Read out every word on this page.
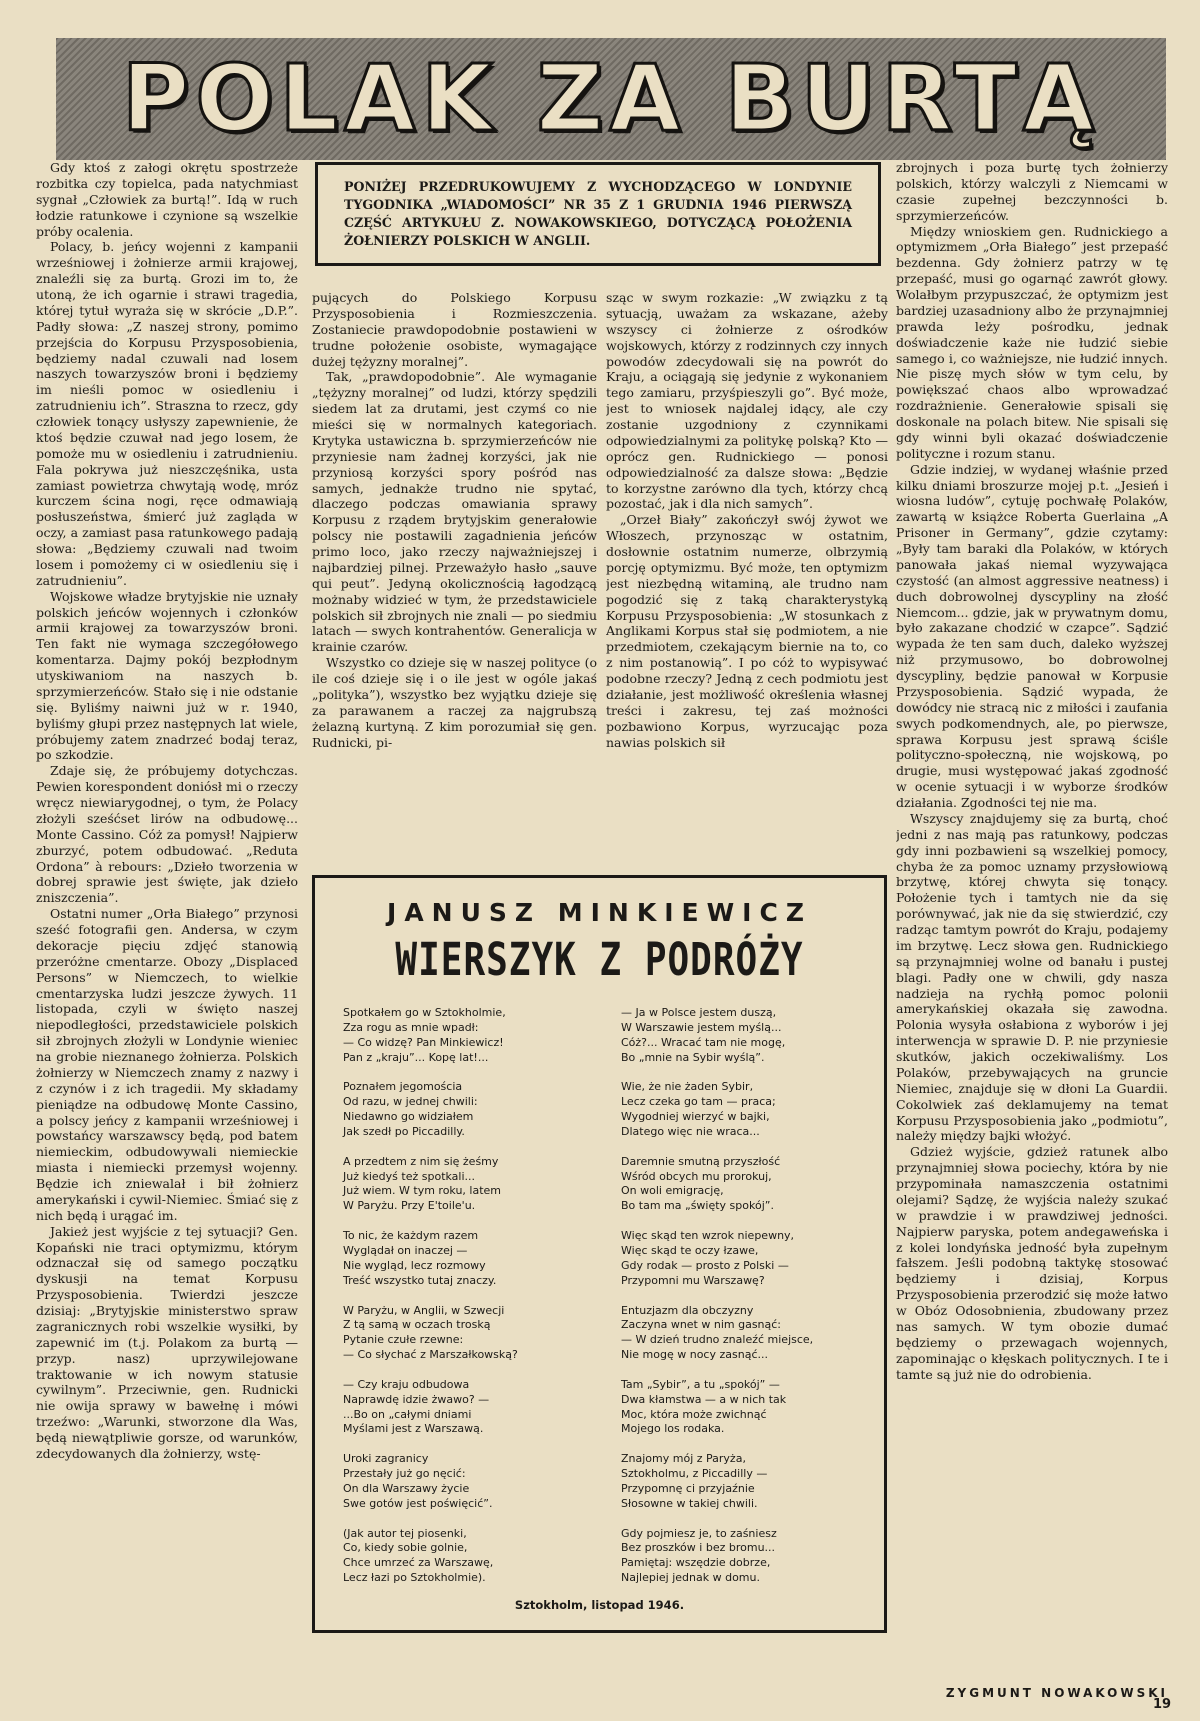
POLAK ZA BURTĄ

Gdy ktoś z załogi okrętu spostrzeże rozbitka czy topielca, pada natychmiast sygnał „Człowiek za burtą!”. Idą w ruch łodzie ratunkowe i czynione są wszelkie próby ocalenia.

Polacy, b. jeńcy wojenni z kampanii wrześniowej i żołnierze armii krajowej, znaleźli się za burtą. Grozi im to, że utoną, że ich ogarnie i strawi tragedia, której tytuł wyraża się w skrócie „D.P.”. Padły słowa: „Z naszej strony, pomimo przejścia do Korpusu Przysposobienia, będziemy nadal czuwali nad losem naszych towarzyszów broni i będziemy im nieśli pomoc w osiedleniu i zatrudnieniu ich”. Straszna to rzecz, gdy człowiek tonący usłyszy zapewnienie, że ktoś będzie czuwał nad jego losem, że pomoże mu w osiedleniu i zatrudnieniu. Fala pokrywa już nieszczęśnika, usta zamiast powietrza chwytają wodę, mróz kurczem ścina nogi, ręce odmawiają posłuszeństwa, śmierć już zagląda w oczy, a zamiast pasa ratunkowego padają słowa: „Będziemy czuwali nad twoim losem i pomożemy ci w osiedleniu się i zatrudnieniu”.

Wojskowe władze brytyjskie nie uznały polskich jeńców wojennych i członków armii krajowej za towarzyszów broni. Ten fakt nie wymaga szczegółowego komentarza. Dajmy pokój bezpłodnym utyskiwaniom na naszych b. sprzymierzeńców. Stało się i nie odstanie się. Byliśmy naiwni już w r. 1940, byliśmy głupi przez następnych lat wiele, próbujemy zatem znadrzeć bodaj teraz, po szkodzie.

Zdaje się, że próbujemy dotychczas. Pewien korespondent doniósł mi o rzeczy wręcz niewiarygodnej, o tym, że Polacy złożyli sześćset lirów na odbudowę... Monte Cassino. Cóż za pomysł! Najpierw zburzyć, potem odbudować. „Reduta Ordona” à rebours: „Dzieło tworzenia w dobrej sprawie jest święte, jak dzieło zniszczenia”.

Ostatni numer „Orła Białego” przynosi sześć fotografii gen. Andersa, w czym dekoracje pięciu zdjęć stanowią przeróżne cmentarze. Obozy „Displaced Persons” w Niemczech, to wielkie cmentarzyska ludzi jeszcze żywych. 11 listopada, czyli w święto naszej niepodległości, przedstawiciele polskich sił zbrojnych złożyli w Londynie wieniec na grobie nieznanego żołnierza. Polskich żołnierzy w Niemczech znamy z nazwy i z czynów i z ich tragedii. My składamy pieniądze na odbudowę Monte Cassino, a polscy jeńcy z kampanii wrześniowej i powstańcy warszawscy będą, pod batem niemieckim, odbudowywali niemieckie miasta i niemiecki przemysł wojenny. Będzie ich zniewalał i bił żołnierz amerykański i cywil-Niemiec. Śmiać się z nich będą i urągać im.

Jakież jest wyjście z tej sytuacji? Gen. Kopański nie traci optymizmu, którym odznaczał się od samego początku dyskusji na temat Korpusu Przysposobienia. Twierdzi jeszcze dzisiaj: „Brytyjskie ministerstwo spraw zagranicznych robi wszelkie wysiłki, by zapewnić im (t.j. Polakom za burtą — przyp. nasz) uprzywilejowane traktowanie w ich nowym statusie cywilnym”. Przeciwnie, gen. Rudnicki nie owija sprawy w bawełnę i mówi trzeźwo: „Warunki, stworzone dla Was, będą niewątpliwie gorsze, od warunków, zdecydowanych dla żołnierzy, wstę-

PONIŻEJ PRZEDRUKOWUJEMY Z WYCHODZĄCEGO W LONDYNIE TYGODNIKA „WIADOMOŚCI” NR 35 Z 1 GRUDNIA 1946 PIERWSZĄ CZĘŚĆ ARTYKUŁU Z. NOWAKOWSKIEGO, DOTYCZĄCĄ POŁOŻENIA ŻOŁNIERZY POLSKICH W ANGLII.

pujących do Polskiego Korpusu Przysposobienia i Rozmieszczenia. Zostaniecie prawdopodobnie postawieni w trudne położenie osobiste, wymagające dużej tężyzny moralnej”.

Tak, „prawdopodobnie”. Ale wymaganie „tężyzny moralnej” od ludzi, którzy spędzili siedem lat za drutami, jest czymś co nie mieści się w normalnych kategoriach. Krytyka ustawiczna b. sprzymierzeńców nie przyniesie nam żadnej korzyści, jak nie przyniosą korzyści spory pośród nas samych, jednakże trudno nie spytać, dlaczego podczas omawiania sprawy Korpusu z rządem brytyjskim generałowie polscy nie postawili zagadnienia jeńców primo loco, jako rzeczy najważniejszej i najbardziej pilnej. Przeważyło hasło „sauve qui peut”. Jedyną okolicznością łagodzącą możnaby widzieć w tym, że przedstawiciele polskich sił zbrojnych nie znali — po siedmiu latach — swych kontrahentów. Generalicja w krainie czarów.

Wszystko co dzieje się w naszej polityce (o ile coś dzieje się i o ile jest w ogóle jakaś „polityka”), wszystko bez wyjątku dzieje się za parawanem a raczej za najgrubszą żelazną kurtyną. Z kim porozumiał się gen. Rudnicki, pi-

sząc w swym rozkazie: „W związku z tą sytuacją, uważam za wskazane, ażeby wszyscy ci żołnierze z ośrodków wojskowych, którzy z rodzinnych czy innych powodów zdecydowali się na powrót do Kraju, a ociągają się jedynie z wykonaniem tego zamiaru, przyśpieszyli go”. Być może, jest to wniosek najdalej idący, ale czy zostanie uzgodniony z czynnikami odpowiedzialnymi za politykę polską? Kto — oprócz gen. Rudnickiego — ponosi odpowiedzialność za dalsze słowa: „Będzie to korzystne zarówno dla tych, którzy chcą pozostać, jak i dla nich samych”.

„Orzeł Biały” zakończył swój żywot we Włoszech, przynosząc w ostatnim, dosłownie ostatnim numerze, olbrzymią porcję optymizmu. Być może, ten optymizm jest niezbędną witaminą, ale trudno nam pogodzić się z taką charakterystyką Korpusu Przysposobienia: „W stosunkach z Anglikami Korpus stał się podmiotem, a nie przedmiotem, czekającym biernie na to, co z nim postanowią”. I po cóż to wypisywać podobne rzeczy? Jedną z cech podmiotu jest działanie, jest możliwość określenia własnej treści i zakresu, tej zaś możności pozbawiono Korpus, wyrzucając poza nawias polskich sił

zbrojnych i poza burtę tych żołnierzy polskich, którzy walczyli z Niemcami w czasie zupełnej bezczynności b. sprzymierzeńców.

Między wnioskiem gen. Rudnickiego a optymizmem „Orła Białego” jest przepaść bezdenna. Gdy żołnierz patrzy w tę przepaść, musi go ogarnąć zawrót głowy. Wolałbym przypuszczać, że optymizm jest bardziej uzasadniony albo że przynajmniej prawda leży pośrodku, jednak doświadczenie każe nie łudzić siebie samego i, co ważniejsze, nie łudzić innych. Nie piszę mych słów w tym celu, by powiększać chaos albo wprowadzać rozdrażnienie. Generałowie spisali się doskonale na polach bitew. Nie spisali się gdy winni byli okazać doświadczenie polityczne i rozum stanu.

Gdzie indziej, w wydanej właśnie przed kilku dniami broszurze mojej p.t. „Jesień i wiosna ludów”, cytuję pochwałę Polaków, zawartą w książce Roberta Guerlaina „A Prisoner in Germany”, gdzie czytamy: „Były tam baraki dla Polaków, w których panowała jakaś niemal wyzywająca czystość (an almost aggressive neatness) i duch dobrowolnej dyscypliny na złość Niemcom... gdzie, jak w prywatnym domu, było zakazane chodzić w czapce”. Sądzić wypada że ten sam duch, daleko wyższej niż przymusowo, bo dobrowolnej dyscypliny, będzie panował w Korpusie Przysposobienia. Sądzić wypada, że dowódcy nie stracą nic z miłości i zaufania swych podkomendnych, ale, po pierwsze, sprawa Korpusu jest sprawą ściśle polityczno-społeczną, nie wojskową, po drugie, musi występować jakaś zgodność w ocenie sytuacji i w wyborze środków działania. Zgodności tej nie ma.

Wszyscy znajdujemy się za burtą, choć jedni z nas mają pas ratunkowy, podczas gdy inni pozbawieni są wszelkiej pomocy, chyba że za pomoc uznamy przysłowiową brzytwę, której chwyta się tonący. Położenie tych i tamtych nie da się porównywać, jak nie da się stwierdzić, czy radząc tamtym powrót do Kraju, podajemy im brzytwę. Lecz słowa gen. Rudnickiego są przynajmniej wolne od banału i pustej blagi. Padły one w chwili, gdy nasza nadzieja na rychłą pomoc polonii amerykańskiej okazała się zawodna. Polonia wysyła osłabiona z wyborów i jej interwencja w sprawie D. P. nie przyniesie skutków, jakich oczekiwaliśmy. Los Polaków, przebywających na gruncie Niemiec, znajduje się w dłoni La Guardii. Cokolwiek zaś deklamujemy na temat Korpusu Przysposobienia jako „podmiotu”, należy między bajki włożyć.

Gdzież wyjście, gdzież ratunek albo przynajmniej słowa pociechy, która by nie przypominała namaszczenia ostatnimi olejami? Sądzę, że wyjścia należy szukać w prawdzie i w prawdziwej jedności. Najpierw paryska, potem andegaweńska i z kolei londyńska jedność była zupełnym fałszem. Jeśli podobną taktykę stosować będziemy i dzisiaj, Korpus Przysposobienia przerodzić się może łatwo w Obóz Odosobnienia, zbudowany przez nas samych. W tym obozie dumać będziemy o przewagach wojennych, zapominając o kłęskach politycznych. I te i tamte są już nie do odrobienia.

ZYGMUNT NOWAKOWSKI
JANUSZ MINKIEWICZ
WIERSZYK Z PODRÓŻY
Spotkałem go w Sztokholmie,
Zza rogu as mnie wpadł:
— Co widzę? Pan Minkiewicz!
Pan z „kraju”... Kopę lat!...
Poznałem jegomościa
Od razu, w jednej chwili:
Niedawno go widziałem
Jak szedł po Piccadilly.
A przedtem z nim się żeśmy
Już kiedyś też spotkali...
Już wiem. W tym roku, latem
W Paryżu. Przy E'toile'u.
To nic, że każdym razem
Wyglądał on inaczej —
Nie wygląd, lecz rozmowy
Treść wszystko tutaj znaczy.
W Paryżu, w Anglii, w Szwecji
Z tą samą w oczach troską
Pytanie czułe rzewne:
— Co słychać z Marszałkowską?
— Czy kraju odbudowa
Naprawdę idzie żwawo? —
...Bo on „całymi dniami
Myślami jest z Warszawą.
Uroki zagranicy
Przestały już go nęcić:
On dla Warszawy życie
Swe gotów jest poświęcić”.
(Jak autor tej piosenki,
Co, kiedy sobie golnie,
Chce umrzeć za Warszawę,
Lecz łazi po Sztokholmie).
— Ja w Polsce jestem duszą,
W Warszawie jestem myślą...
Cóż?... Wracać tam nie mogę,
Bo „mnie na Sybir wyślą”.
Wie, że nie żaden Sybir,
Lecz czeka go tam — praca;
Wygodniej wierzyć w bajki,
Dlatego więc nie wraca...
Daremnie smutną przyszłość
Wśród obcych mu prorokuj,
On woli emigrację,
Bo tam ma „święty spokój”.
Więc skąd ten wzrok niepewny,
Więc skąd te oczy łzawe,
Gdy rodak — prosto z Polski —
Przypomni mu Warszawę?
Entuzjazm dla obczyzny
Zaczyna wnet w nim gasnąć:
— W dzień trudno znaleźć miejsce,
Nie mogę w nocy zasnąć...
Tam „Sybir”, a tu „spokój” —
Dwa kłamstwa — a w nich tak
Moc, która może zwichnąć
Mojego los rodaka.
Znajomy mój z Paryża,
Sztokholmu, z Piccadilly —
Przypomnę ci przyjaźnie
Słosowne w takiej chwili.
Gdy pojmiesz je, to zaśniesz
Bez proszków i bez bromu...
Pamiętaj: wszędzie dobrze,
Najlepiej jednak w domu.
Sztokholm, listopad 1946.
19
